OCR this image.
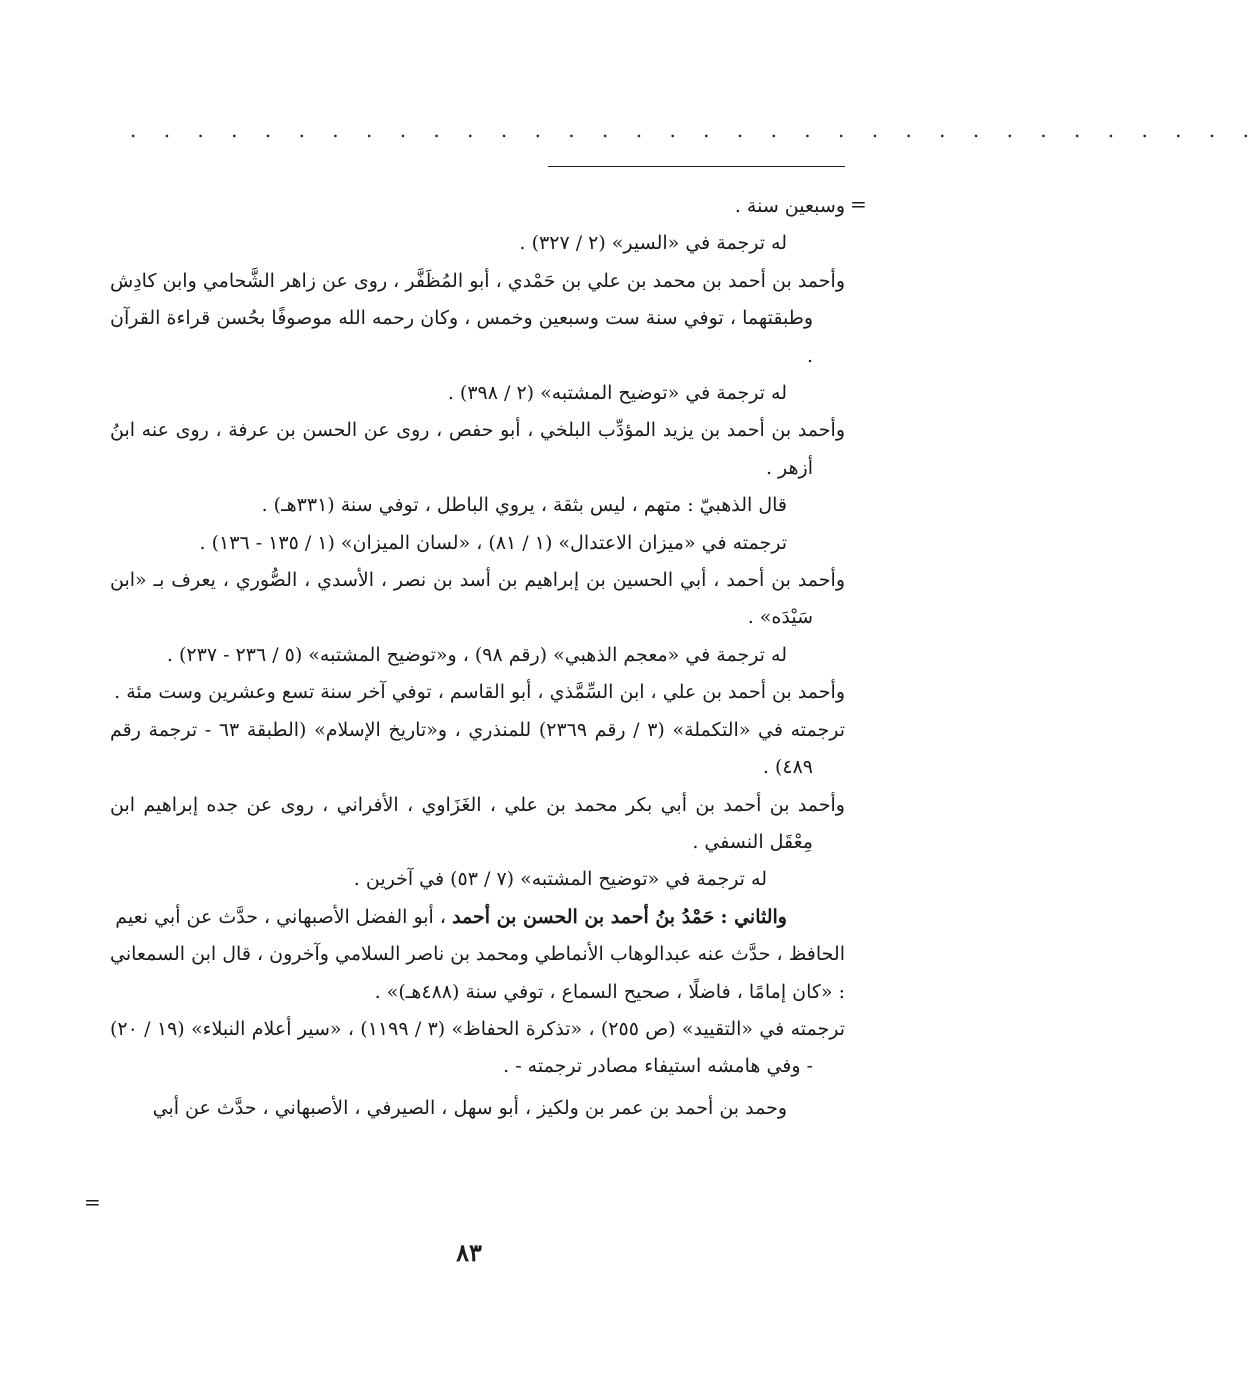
. . . . . . . . . . . . . . . . . . . . . . . . . . . . . . . . . .
=

وسبعين سنة .

له ترجمة في «السير» (٢ / ٣٢٧) .

وأحمد بن أحمد بن محمد بن علي بن حَمْدي ، أبو المُظَفَّر ، روى عن زاهر الشَّحامي وابن كادِش وطبقتهما ، توفي سنة ست وسبعين وخمس ، وكان رحمه الله موصوفًا بحُسن قراءة القرآن .

له ترجمة في «توضيح المشتبه» (٢ / ٣٩٨) .

وأحمد بن أحمد بن يزيد المؤدِّب البلخي ، أبو حفص ، روى عن الحسن بن عرفة ، روى عنه ابنُ أزهر .

قال الذهبيّ : متهم ، ليس بثقة ، يروي الباطل ، توفي سنة (٣٣١هـ) .

ترجمته في «ميزان الاعتدال» (١ / ٨١) ، «لسان الميزان» (١ / ١٣٥ - ١٣٦) .

وأحمد بن أحمد ، أبي الحسين بن إبراهيم بن أسد بن نصر ، الأسدي ، الصُّوري ، يعرف بـ «ابن سَيْدَه» .

له ترجمة في «معجم الذهبي» (رقم ٩٨) ، و«توضيح المشتبه» (٥ / ٢٣٦ - ٢٣٧) .

وأحمد بن أحمد بن علي ، ابن السِّمَّذي ، أبو القاسم ، توفي آخر سنة تسع وعشرين وست مئة .

ترجمته في «التكملة» (٣ / رقم ٢٣٦٩) للمنذري ، و«تاريخ الإسلام» (الطبقة ٦٣ - ترجمة رقم ٤٨٩) .

وأحمد بن أحمد بن أبي بكر محمد بن علي ، الغَزَاوي ، الأفراني ، روى عن جده إبراهيم ابن مِعْقَل النسفي .

له ترجمة في «توضيح المشتبه» (٧ / ٥٣) في آخرين .

والثاني : حَمْدُ بنُ أحمد بن الحسن بن أحمد ، أبو الفضل الأصبهاني ، حدَّث عن أبي نعيم

الحافظ ، حدَّث عنه عبدالوهاب الأنماطي ومحمد بن ناصر السلامي وآخرون ، قال ابن السمعاني : «كان إمامًا ، فاضلًا ، صحيح السماع ، توفي سنة (٤٨٨هـ)» .

ترجمته في «التقييد» (ص ٢٥٥) ، «تذكرة الحفاظ» (٣ / ١١٩٩) ، «سير أعلام النبلاء» (١٩ / ٢٠) - وفي هامشه استيفاء مصادر ترجمته - .

وحمد بن أحمد بن عمر بن ولكيز ، أبو سهل ، الصيرفي ، الأصبهاني ، حدَّث عن أبي

=
٨٣
